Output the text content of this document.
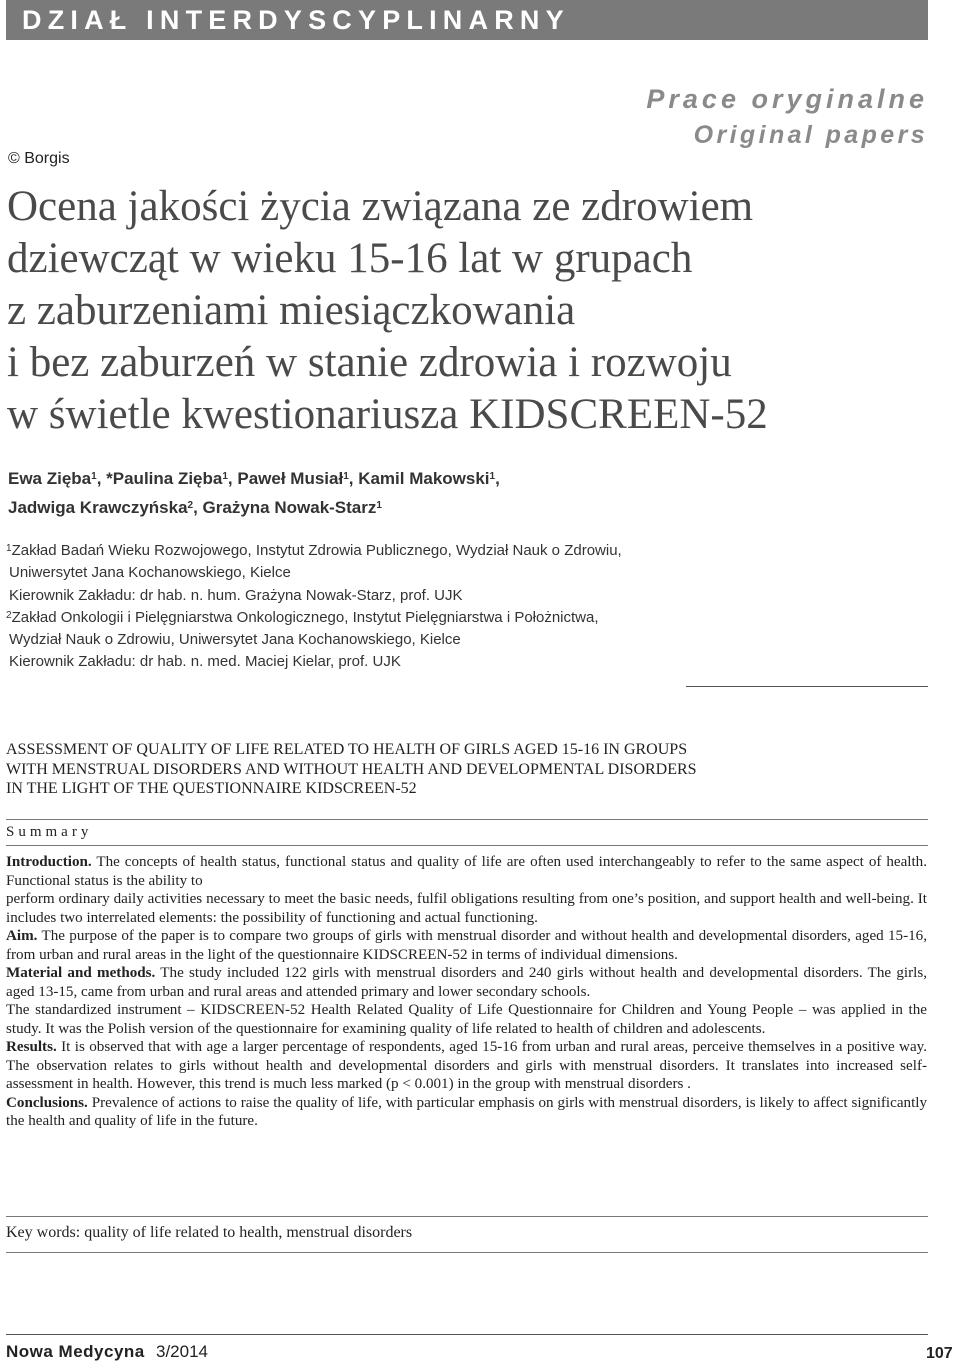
DZIAŁ INTERDYSCYPLINARNY
Prace oryginalne
Original papers
© Borgis
Ocena jakości życia związana ze zdrowiem
dziewcząt w wieku 15-16 lat w grupach
z zaburzeniami miesiączkowania
i bez zaburzeń w stanie zdrowia i rozwoju
w świetle kwestionariusza KIDSCREEN-52
Ewa Zięba$^1$, *Paulina Zięba$^1$, Paweł Musiał$^1$, Kamil Makowski$^1$,
Jadwiga Krawczyńska$^2$, Grażyna Nowak-Starz$^1$
$^1$Zakład Badań Wieku Rozwojowego, Instytut Zdrowia Publicznego, Wydział Nauk o Zdrowiu,
Uniwersytet Jana Kochanowskiego, Kielce
Kierownik Zakładu: dr hab. n. hum. Grażyna Nowak-Starz, prof. UJK
$^2$Zakład Onkologii i Pielęgniarstwa Onkologicznego, Instytut Pielęgniarstwa i Położnictwa,
Wydział Nauk o Zdrowiu, Uniwersytet Jana Kochanowskiego, Kielce
Kierownik Zakładu: dr hab. n. med. Maciej Kielar, prof. UJK
ASSESSMENT OF QUALITY OF LIFE RELATED TO HEALTH OF GIRLS AGED 15-16 IN GROUPS
WITH MENSTRUAL DISORDERS AND WITHOUT HEALTH AND DEVELOPMENTAL DISORDERS
IN THE LIGHT OF THE QUESTIONNAIRE KIDSCREEN-52
Summary

Introduction. The concepts of health status, functional status and quality of life are often used interchangeably to refer to the same aspect of health. Functional status is the ability to

perform ordinary daily activities necessary to meet the basic needs, fulfil obligations resulting from one’s position, and support health and well-being. It includes two interrelated elements: the possibility of functioning and actual functioning.

Aim. The purpose of the paper is to compare two groups of girls with menstrual disorder and without health and developmental disorders, aged 15-16, from urban and rural areas in the light of the questionnaire KIDSCREEN-52 in terms of individual dimensions.

Material and methods. The study included 122 girls with menstrual disorders and 240 girls without health and developmental disorders. The girls, aged 13-15, came from urban and rural areas and attended primary and lower secondary schools.

The standardized instrument – KIDSCREEN-52 Health Related Quality of Life Questionnaire for Children and Young People – was applied in the study. It was the Polish version of the questionnaire for examining quality of life related to health of children and adolescents.

Results. It is observed that with age a larger percentage of respondents, aged 15-16 from urban and rural areas, perceive themselves in a positive way. The observation relates to girls without health and developmental disorders and girls with menstrual disorders. It translates into increased self-assessment in health. However, this trend is much less marked (p < 0.001) in the group with menstrual disorders .

Conclusions. Prevalence of actions to raise the quality of life, with particular emphasis on girls with menstrual disorders, is likely to affect significantly the health and quality of life in the future.

Key words: quality of life related to health, menstrual disorders
Nowa Medycyna 3/2014	107
